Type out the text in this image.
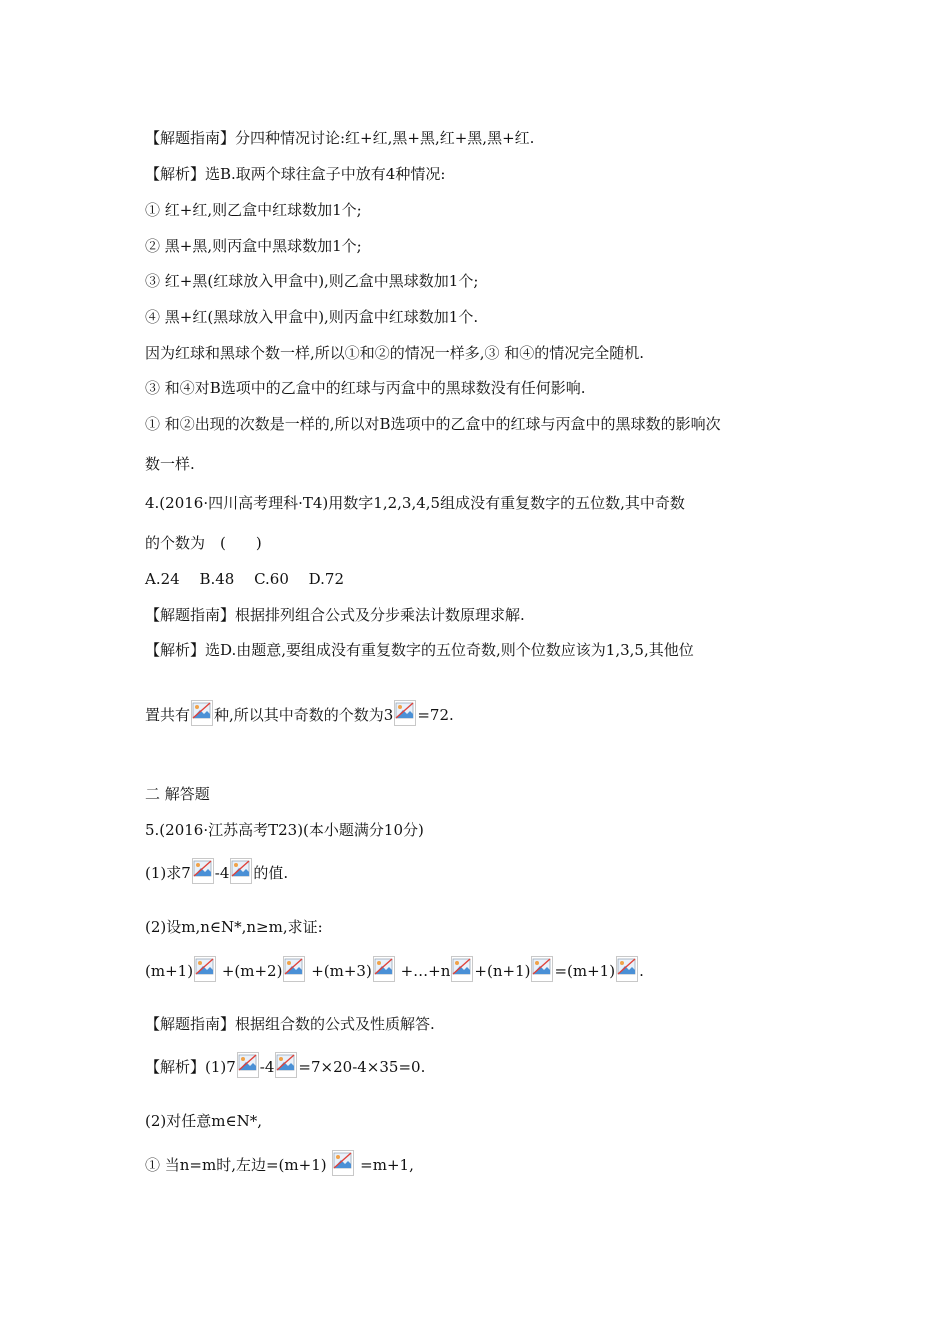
【解题指南】分四种情况讨论:红+红,黑+黑,红+黑,黑+红.
【解析】选B.取两个球往盒子中放有4种情况:
① 红+红,则乙盒中红球数加1个;
② 黑+黑,则丙盒中黑球数加1个;
③ 红+黑(红球放入甲盒中),则乙盒中黑球数加1个;
④ 黑+红(黑球放入甲盒中),则丙盒中红球数加1个.
因为红球和黑球个数一样,所以①和②的情况一样多,③ 和④的情况完全随机.
③ 和④对B选项中的乙盒中的红球与丙盒中的黑球数没有任何影响.
① 和②出现的次数是一样的,所以对B选项中的乙盒中的红球与丙盒中的黑球数的影响次
数一样.
4.(2016·四川高考理科·T4)用数字1,2,3,4,5组成没有重复数字的五位数,其中奇数
的个数为　(　　)
A.24　 B.48　 C.60　 D.72
【解题指南】根据排列组合公式及分步乘法计数原理求解.
【解析】选D.由题意,要组成没有重复数字的五位奇数,则个位数应该为1,3,5,其他位
置共有 种,所以其中奇数的个数为3 =72.
二 解答题
5.(2016·江苏高考T23)(本小题满分10分)
(1)求7 -4 的值.
(2)设m,n∈N*,n≥m,求证:
(m+1) +(m+2) +(m+3) +…+n +(n+1) =(m+1) .
【解题指南】根据组合数的公式及性质解答.
【解析】(1)7 -4 =7×20-4×35=0.
(2)对任意m∈N*,
① 当n=m时,左边=(m+1) =m+1,
